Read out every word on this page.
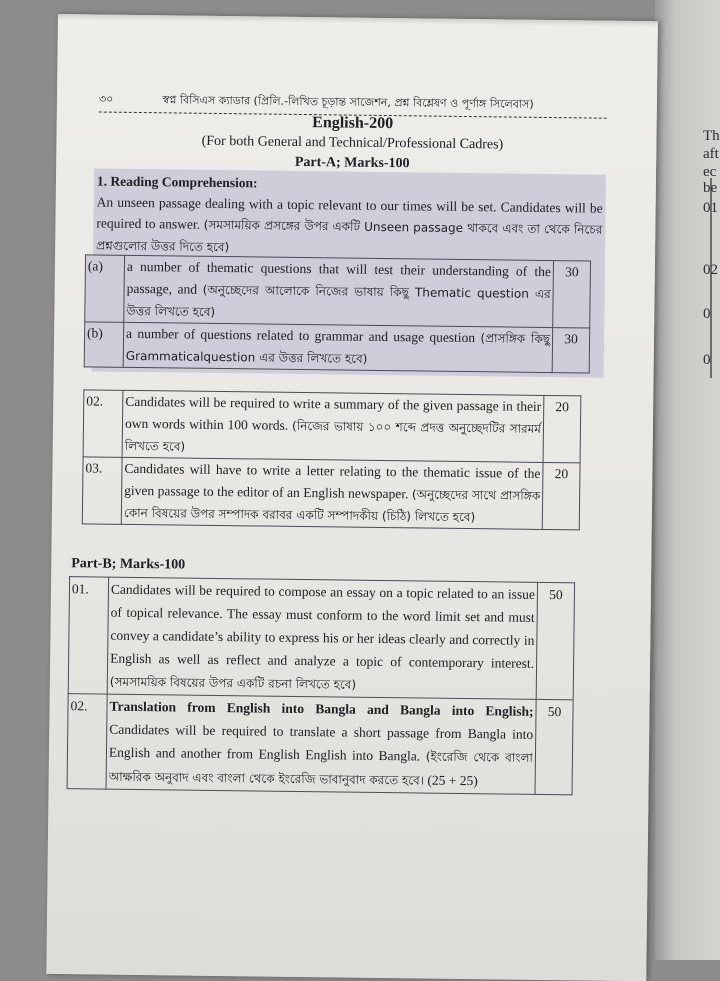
Th
aft
ec
be
01
02
0
0
৩০	স্বপ্ন বিসিএস ক্যাডার (প্রিলি.-লিখিত চূড়ান্ত সাজেশন, প্রশ্ন বিশ্লেষণ ও পূর্ণাঙ্গ সিলেবাস)
English-200
(For both General and Technical/Professional Cadres)
Part-A; Marks-100
1. Reading Comprehension:
An unseen passage dealing with a topic relevant to our times will be set. Candidates will be required to answer. (সমসাময়িক প্রসঙ্গের উপর একটি Unseen passage থাকবে এবং তা থেকে নিচের প্রশ্নগুলোর উত্তর দিতে হবে)
(a)	a number of thematic questions that will test their understanding of the passage, and (অনুচ্ছেদের আলোকে নিজের ভাষায় কিছু Thematic question এর উত্তর লিখতে হবে)	30
(b)	a number of questions related to grammar and usage question (প্রাসঙ্গিক কিছু Grammaticalquestion এর উত্তর লিখতে হবে)	30
02.	Candidates will be required to write a summary of the given passage in their own words within 100 words. (নিজের ভাষায় ১০০ শব্দে প্রদত্ত অনুচ্ছেদটির সারমর্ম লিখতে হবে)	20
03.	Candidates will have to write a letter relating to the thematic issue of the given passage to the editor of an English newspaper. (অনুচ্ছেদের সাথে প্রাসঙ্গিক কোন বিষয়ের উপর সম্পাদক বরাবর একটি সম্পাদকীয় (চিঠি) লিখতে হবে)	20
Part-B; Marks-100
01.	Candidates will be required to compose an essay on a topic related to an issue of topical relevance. The essay must conform to the word limit set and must convey a candidate’s ability to express his or her ideas clearly and correctly in English as well as reflect and analyze a topic of contemporary interest. (সমসাময়িক বিষয়ের উপর একটি রচনা লিখতে হবে)	50
02.	Translation from English into Bangla and Bangla into English; Candidates will be required to translate a short passage from Bangla into English and another from English English into Bangla. (ইংরেজি থেকে বাংলা আক্ষরিক অনুবাদ এবং বাংলা থেকে ইংরেজি ভাবানুবাদ করতে হবে। (25 + 25)	50
